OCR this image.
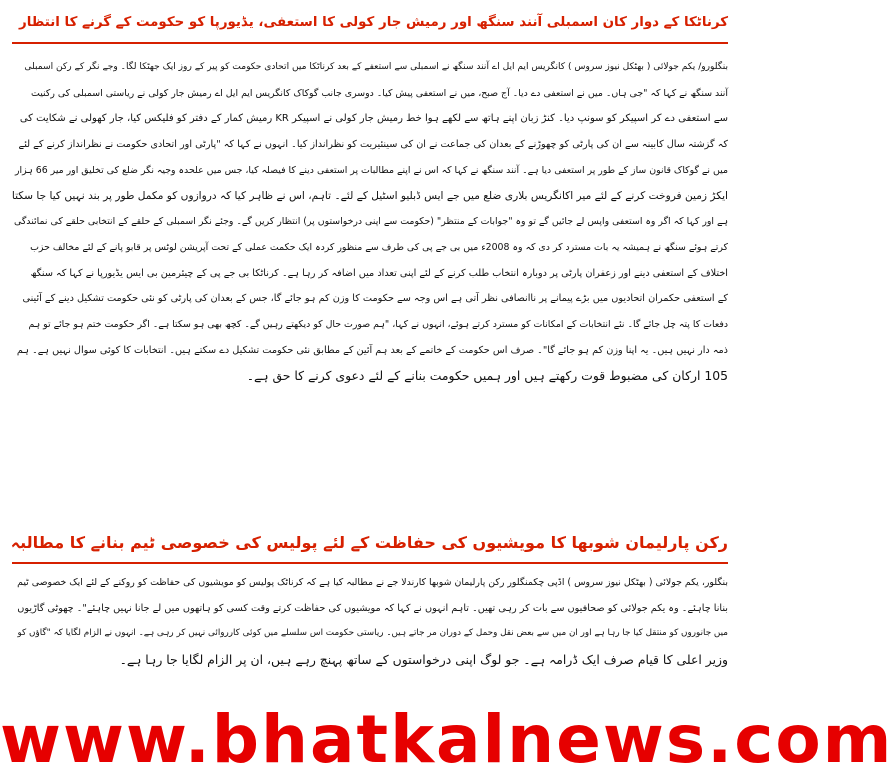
کرناٹکا کے دوار کان اسمبلی آنند سنگھ اور رمیش جار کولی کا استعفی، یڈیورپا کو حکومت کے گرنے کا انتظار
بنگلورو/ یکم جولائی ( بھٹکل نیوز سروس ) کانگریس ایم ایل اے آنند سنگھ نے اسمبلی سے استعفے کے بعد کرناٹکا میں اتحادی حکومت کو پیر کے روز ایک جھٹکا لگا۔ وجے نگر کے رکن اسمبلی
آنند سنگھ نے کہا کہ "جی ہاں۔ میں نے استعفی دے دیا۔ آج صبح، میں نے استعفی پیش کیا۔ دوسری جانب گوکاک کانگریس ایم ایل اے رمیش جار کولی نے ریاستی اسمبلی کی رکنیت
سے استعفی دے کر اسپیکر کو سونپ دیا۔ کنڑ زبان اپنے ہاتھ سے لکھے ہوا خط رمیش جار کولی نے اسپیکر KR رمیش کمار کے دفتر کو فلیکس کیا، جار کھولی نے شکایت کی
کہ گزشتہ سال کابینہ سے ان کی پارٹی کو چھوڑنے کے بعدان کی جماعت نے ان کی سینئیریت کو نظرانداز کیا۔ انہوں نے کہا کہ "پارٹی اور اتحادی حکومت نے نظرانداز کرنے کے لئے
میں نے گوکاک قانون ساز کے طور پر استعفی دیا ہے۔ آنند سنگھ نے کہا کہ اس نے اپنے مطالبات پر استعفی دینے کا فیصلہ کیا، جس میں علحدہ وجیہ نگر ضلع کی تخلیق اور میر 66 ہزار
ایکڑ زمین فروخت کرنے کے لئے میر اکانگریس بلاری ضلع میں جے ایس ڈبلیو اسٹیل کے لئے۔ تاہم، اس نے ظاہر کیا کہ دروازوں کو مکمل طور پر بند نہیں کیا جا سکتا
ہے اور کہا کہ اگر وہ استعفی واپس لے جائیں گے تو وہ "جوابات کے منتظر" (حکومت سے اپنی درخواستوں پر) انتظار کریں گے۔ وجئے نگر اسمبلی کے حلقے کے انتخابی حلقے کی نمائندگی
کرتے ہوئے سنگھ نے ہمیشہ یہ بات مسترد کر دی کہ وہ 2008ء میں بی جے پی کی طرف سے منظور کردہ ایک حکمت عملی کے تحت آپریشن لوٹس پر قابو پانے کے لئے مخالف حزب
اختلاف کے استعفی دینے اور زعفران پارٹی پر دوبارہ انتخاب طلب کرنے کے لئے اپنی تعداد میں اضافہ کر رہا ہے۔ کرناٹکا بی جے پی کے چیئرمین بی ایس یڈیورپا نے کہا کہ سنگھ
کے استعفی حکمران اتحادیوں میں بڑے پیمانے پر ناانصافی نظر آتی ہے اس وجہ سے حکومت کا وزن کم ہو جائے گا، جس کے بعدان کی پارٹی کو نئی حکومت تشکیل دینے کے آئینی
دفعات کا پتہ چل جائے گا۔ نئے انتخابات کے امکانات کو مسترد کرتے ہوئے، انہوں نے کہا، "ہم صورت حال کو دیکھتے رہیں گے۔ کچھ بھی ہو سکتا ہے۔ اگر حکومت ختم ہو جائے تو ہم
ذمہ دار نہیں ہیں۔ یہ اپنا وزن کم ہو جائے گا"۔ صرف اس حکومت کے خاتمے کے بعد ہم آئین کے مطابق نئی حکومت تشکیل دے سکتے ہیں۔ انتخابات کا کوئی سوال نہیں ہے۔ ہم
105 ارکان کی مضبوط قوت رکھتے ہیں اور ہمیں حکومت بنانے کے لئے دعوی کرنے کا حق ہے۔
رکن پارلیمان شوبھا کا مویشیوں کی حفاظت کے لئے پولیس کی خصوصی ٹیم بنانے کا مطالبہ
بنگلور، یکم جولائی ( بھٹکل نیوز سروس ) اڈپی چکمنگلور رکن پارلیمان شوبھا کارندلا جے نے مطالبہ کیا ہے کہ کرناٹک پولیس کو مویشیوں کی حفاظت کو روکنے کے لئے ایک خصوصی ٹیم
بنانا چاہئے۔ وہ یکم جولائی کو صحافیوں سے بات کر رہی تھیں۔ تاہم انہوں نے کہا کہ مویشیوں کی حفاظت کرتے وقت کسی کو ہاتھوں میں لے جانا نہیں چاہئے"۔ چھوٹی گاڑیوں
میں جانوروں کو منتقل کیا جا رہا ہے اور ان میں سے بعض نقل وحمل کے دوران مر جاتے ہیں۔ ریاستی حکومت اس سلسلے میں کوئی کارروائی نہیں کر رہی ہے۔ انہوں نے الزام لگایا کہ "گاؤں کو
وزیر اعلی کا قیام صرف ایک ڈرامہ ہے۔ جو لوگ اپنی درخواستوں کے ساتھ پہنچ رہے ہیں، ان پر الزام لگایا جا رہا ہے۔
www.bhatkalnews.com
